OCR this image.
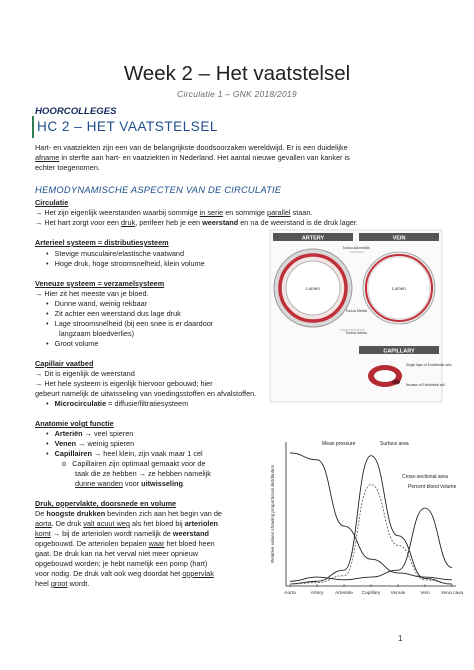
Week 2 – Het vaatstelsel
Circulatie 1 – GNK 2018/2019
HOORCOLLEGES
HC 2 – HET VAATSTELSEL
Hart- en vaatziekten zijn een van de belangrijkste doodsoorzaken wereldwijd. Er is een duidelijke
afname in sterfte aan hart- en vaatziekten in Nederland. Het aantal nieuwe gevallen van kanker is
echter toegenomen.
HEMODYNAMISCHE ASPECTEN VAN DE CIRCULATIE
Circulatie
→ Het zijn eigenlijk weerstanden waarbij sommige in serie en sommige parallel staan.
→ Het hart zorgt voor een druk, perifeer heb je een weerstand en na de weerstand is de druk lager.
Arterieel systeem = distributiesysteem
•   Stevige musculaire/elastische vaatwand
•   Hoge druk, hoge stroomsnelheid, klein volume
Veneuze systeem = verzamelsysteem
→ Hier zit het meeste van je bloed.
•   Dunne wand, weinig rekbaar
•   Zit achter een weerstand dus lage druk
•   Lage stroomsnelheid (bij een snee is er daardoor
langzaam bloedverlies)
•   Groot volume
Capillair vaatbed
→ Dit is eigenlijk de weerstand
→ Het hele systeem is eigenlijk hiervoor gebouwd; hier
gebeurt namelijk de uitwisseling van voedingsstoffen en afvalstoffen.
•   Microcirculatie = diffusie/filtratiesysteem
Anatomie volgt functie
•   Arteriën → veel spieren
•   Venen → weinig spieren
•   Capillairen → heel klein, zijn vaak maar 1 cel
o   Capillairen zijn optimaal gemaakt voor de
taak die ze hebben → ze hebben namelijk
dunne wanden voor uitwisseling.
Druk, oppervlakte, doorsnede en volume
De hoogste drukken bevinden zich aan het begin van de
aorta. De druk valt acuut weg als het bloed bij arteriolen
komt → bij de arteriolen wordt namelijk de weerstand
opgebouwd. De arteriolen bepalen waar het bloed heen
gaat. De druk kan na het verval niet meer opnieuw
opgebouwd worden; je hebt namelijk een pomp (hart)
voor nodig. De druk valt ook weg doordat het oppervlak
heel groot wordt.
ARTERY	VEIN
Lumen	Lumen
Tunica Adventitia
Tunica Media
Tunica Intima
CAPILLARY
Single layer of Endothelial cells
Nucleus of Endothelial cell
Relative values showing proportional distribution
Aorta	Artery Arteriole Capillary Venule	Vein Vena cava
Mean pressure	Surface area
Cross-sectional area
Percent blood volume
1
